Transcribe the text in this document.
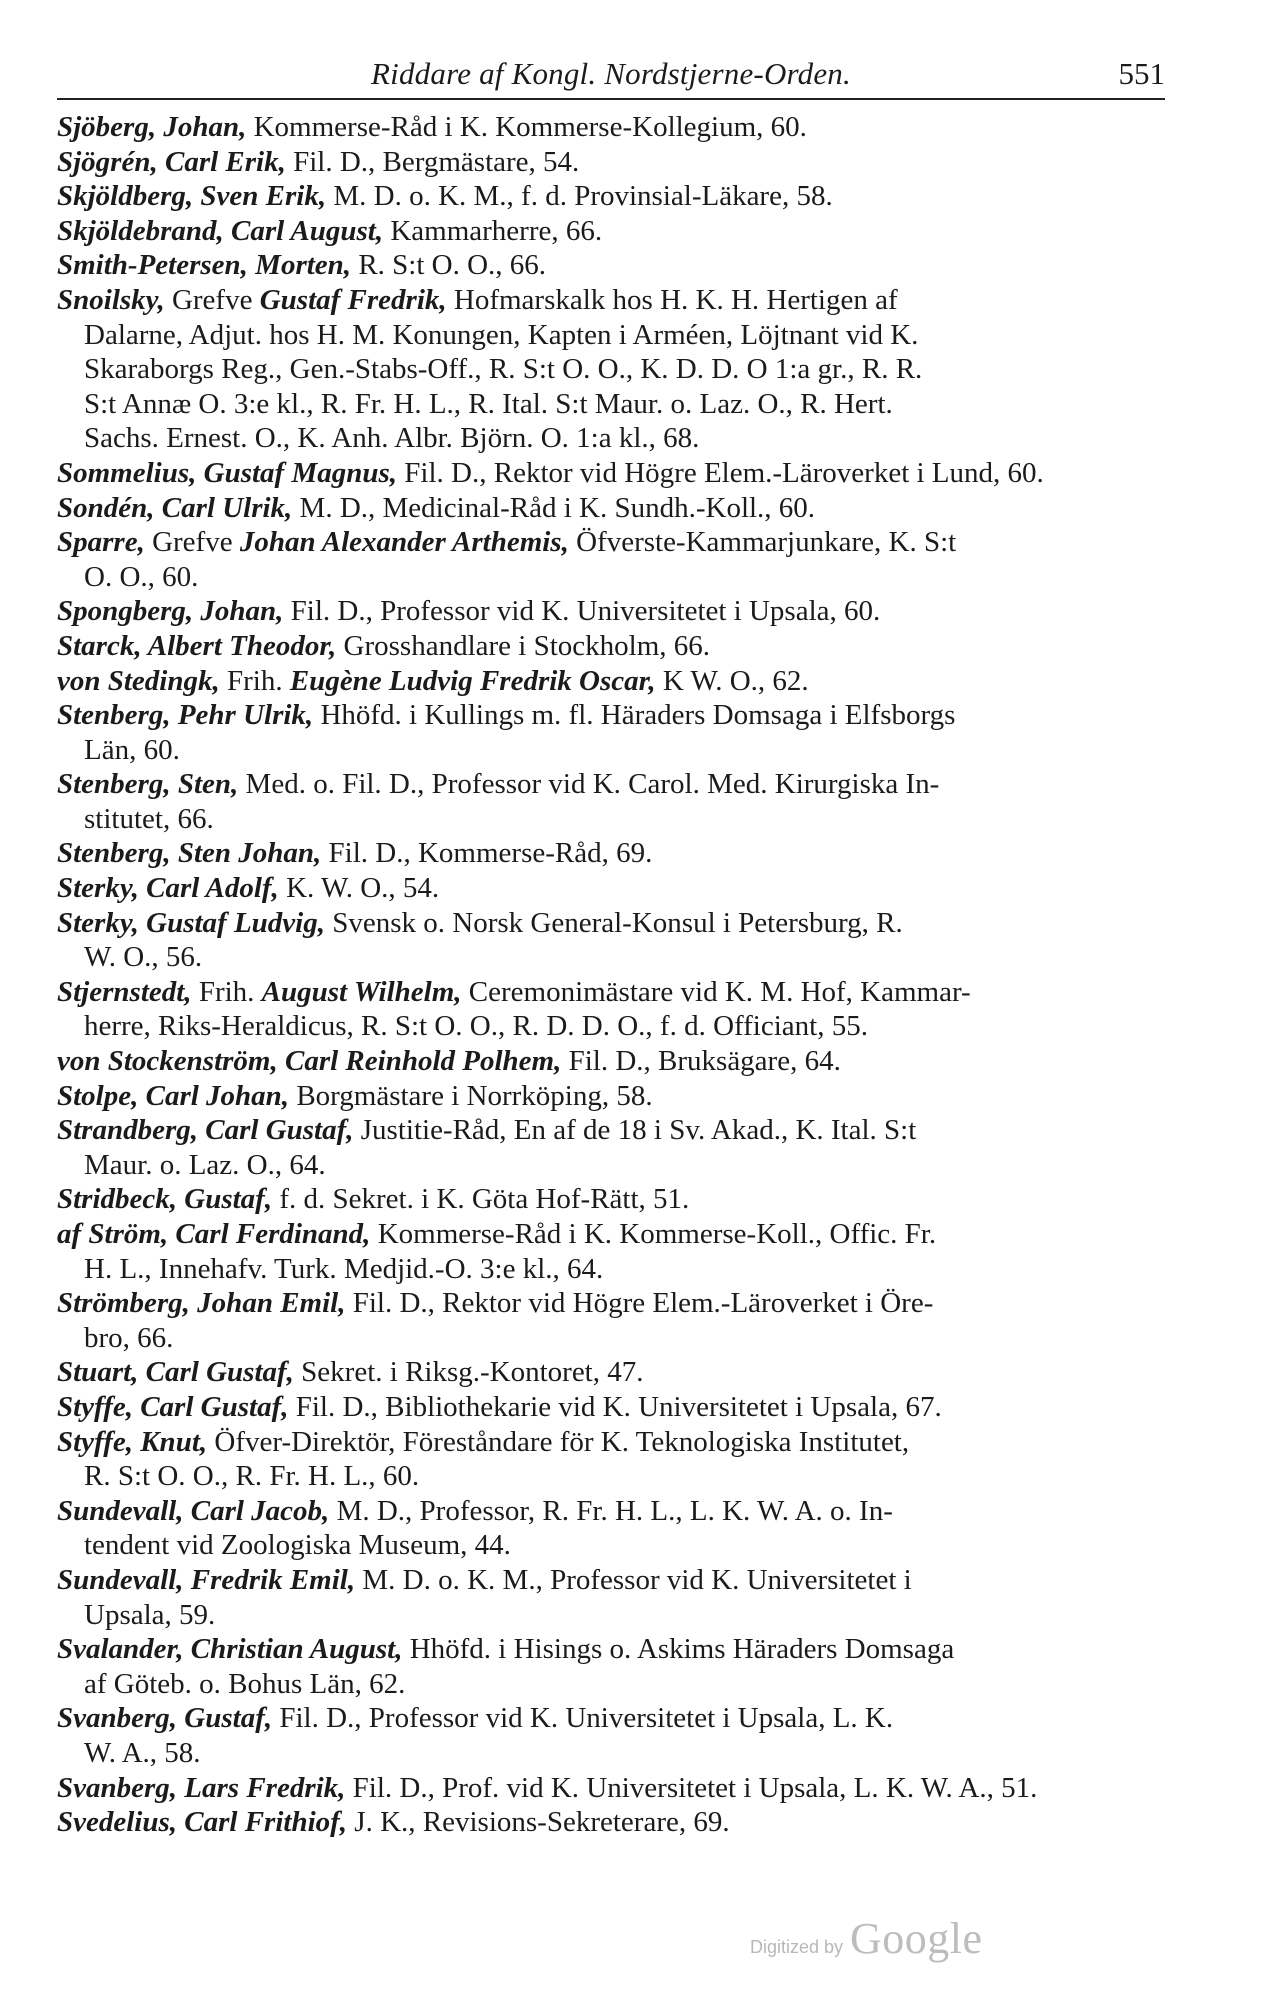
Riddare af Kongl. Nordstjerne-Orden.	551
Sjöberg, Johan, Kommerse-Råd i K. Kommerse-Kollegium, 60.
Sjögrén, Carl Erik, Fil. D., Bergmästare, 54.
Skjöldberg, Sven Erik, M. D. o. K. M., f. d. Provinsial-Läkare, 58.
Skjöldebrand, Carl August, Kammarherre, 66.
Smith-Petersen, Morten, R. S:t O. O., 66.
Snoilsky, Grefve Gustaf Fredrik, Hofmarskalk hos H. K. H. Hertigen af
Dalarne, Adjut. hos H. M. Konungen, Kapten i Arméen, Löjtnant vid K.
Skaraborgs Reg., Gen.-Stabs-Off., R. S:t O. O., K. D. D. O 1:a gr., R. R.
S:t Annæ O. 3:e kl., R. Fr. H. L., R. Ital. S:t Maur. o. Laz. O., R. Hert.
Sachs. Ernest. O., K. Anh. Albr. Björn. O. 1:a kl., 68.
Sommelius, Gustaf Magnus, Fil. D., Rektor vid Högre Elem.-Läroverket i Lund, 60.
Sondén, Carl Ulrik, M. D., Medicinal-Råd i K. Sundh.-Koll., 60.
Sparre, Grefve Johan Alexander Arthemis, Öfverste-Kammarjunkare, K. S:t
O. O., 60.
Spongberg, Johan, Fil. D., Professor vid K. Universitetet i Upsala, 60.
Starck, Albert Theodor, Grosshandlare i Stockholm, 66.
von Stedingk, Frih. Eugène Ludvig Fredrik Oscar, K W. O., 62.
Stenberg, Pehr Ulrik, Hhöfd. i Kullings m. fl. Häraders Domsaga i Elfsborgs
Län, 60.
Stenberg, Sten, Med. o. Fil. D., Professor vid K. Carol. Med. Kirurgiska In-
stitutet, 66.
Stenberg, Sten Johan, Fil. D., Kommerse-Råd, 69.
Sterky, Carl Adolf, K. W. O., 54.
Sterky, Gustaf Ludvig, Svensk o. Norsk General-Konsul i Petersburg, R.
W. O., 56.
Stjernstedt, Frih. August Wilhelm, Ceremonimästare vid K. M. Hof, Kammar-
herre, Riks-Heraldicus, R. S:t O. O., R. D. D. O., f. d. Officiant, 55.
von Stockenström, Carl Reinhold Polhem, Fil. D., Bruksägare, 64.
Stolpe, Carl Johan, Borgmästare i Norrköping, 58.
Strandberg, Carl Gustaf, Justitie-Råd, En af de 18 i Sv. Akad., K. Ital. S:t
Maur. o. Laz. O., 64.
Stridbeck, Gustaf, f. d. Sekret. i K. Göta Hof-Rätt, 51.
af Ström, Carl Ferdinand, Kommerse-Råd i K. Kommerse-Koll., Offic. Fr.
H. L., Innehafv. Turk. Medjid.-O. 3:e kl., 64.
Strömberg, Johan Emil, Fil. D., Rektor vid Högre Elem.-Läroverket i Öre-
bro, 66.
Stuart, Carl Gustaf, Sekret. i Riksg.-Kontoret, 47.
Styffe, Carl Gustaf, Fil. D., Bibliothekarie vid K. Universitetet i Upsala, 67.
Styffe, Knut, Öfver-Direktör, Föreståndare för K. Teknologiska Institutet,
R. S:t O. O., R. Fr. H. L., 60.
Sundevall, Carl Jacob, M. D., Professor, R. Fr. H. L., L. K. W. A. o. In-
tendent vid Zoologiska Museum, 44.
Sundevall, Fredrik Emil, M. D. o. K. M., Professor vid K. Universitetet i
Upsala, 59.
Svalander, Christian August, Hhöfd. i Hisings o. Askims Häraders Domsaga
af Göteb. o. Bohus Län, 62.
Svanberg, Gustaf, Fil. D., Professor vid K. Universitetet i Upsala, L. K.
W. A., 58.
Svanberg, Lars Fredrik, Fil. D., Prof. vid K. Universitetet i Upsala, L. K. W. A., 51.
Svedelius, Carl Frithiof, J. K., Revisions-Sekreterare, 69.
Digitized by Google
